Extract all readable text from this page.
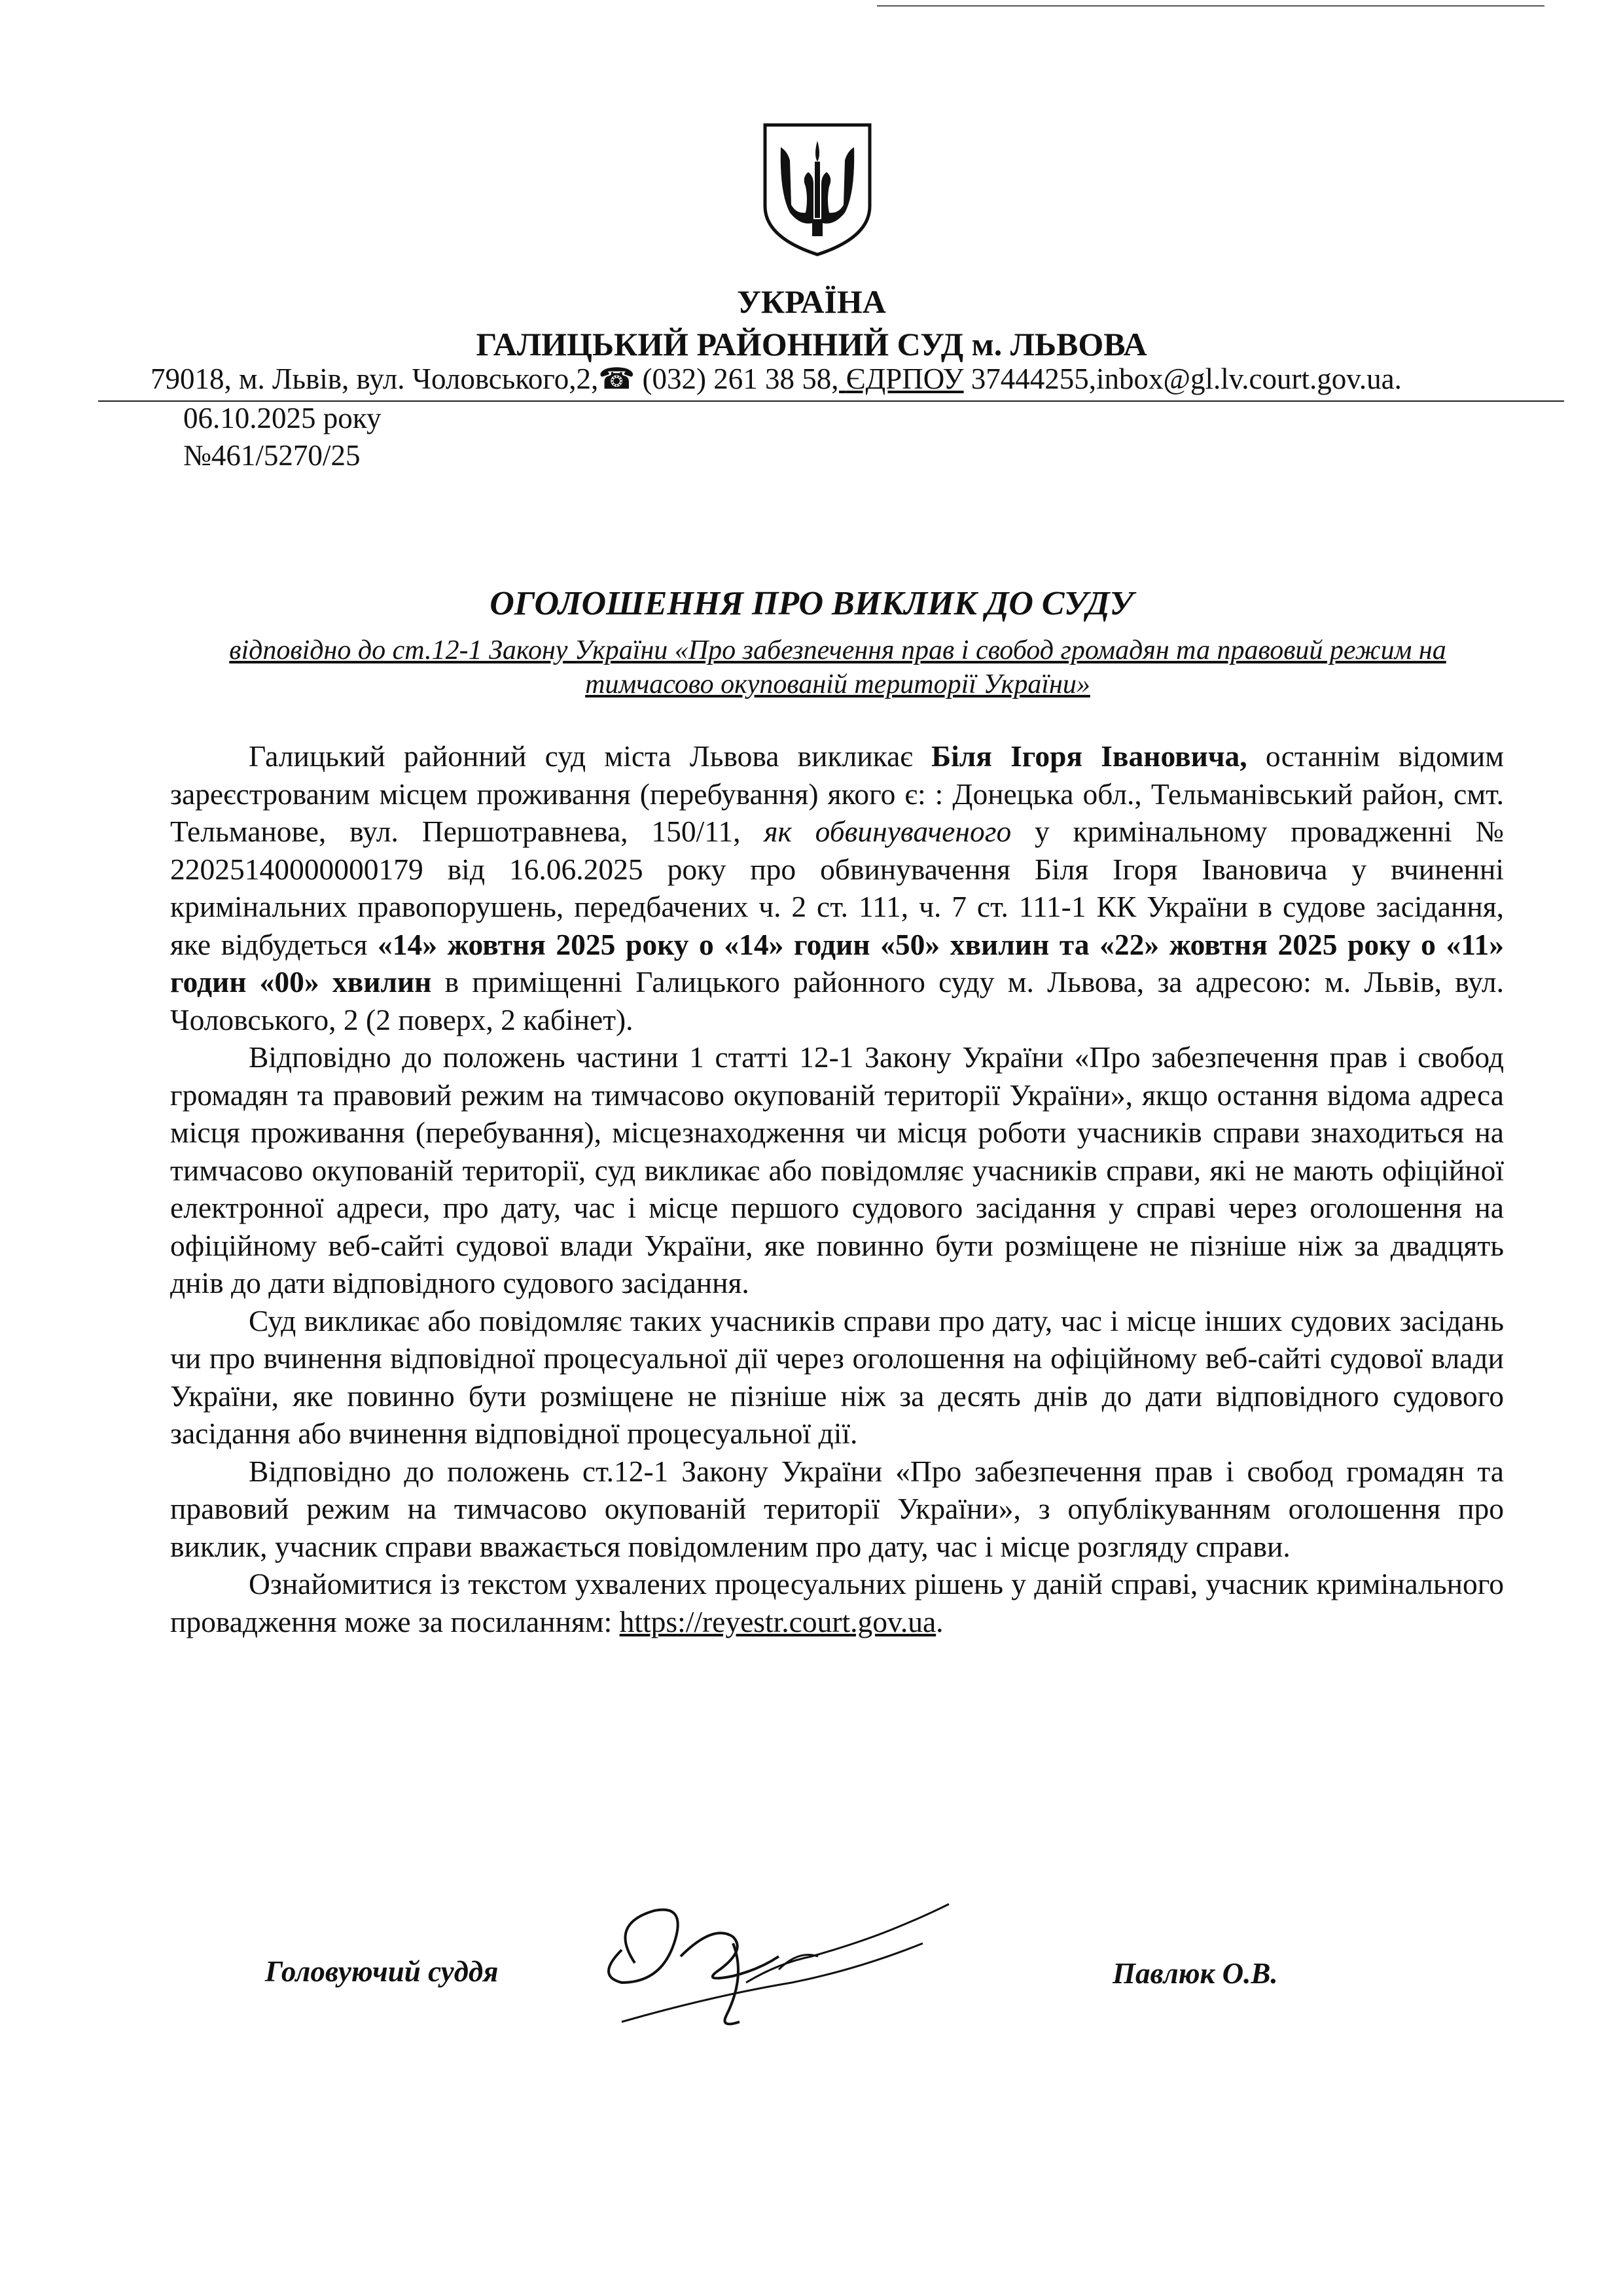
УКРАЇНА
ГАЛИЦЬКИЙ РАЙОННИЙ СУД м. ЛЬВОВА
79018, м. Львів, вул. Чоловського,2,☎ (032) 261 38 58, ЄДРПОУ 37444255,inbox@gl.lv.court.gov.ua.
06.10.2025 року
№461/5270/25
ОГОЛОШЕННЯ ПРО ВИКЛИК ДО СУДУ
відповідно до ст.12-1 Закону України «Про забезпечення прав і свобод громадян та правовий режим на тимчасово окупованій території України»

Галицький районний суд міста Львова викликає Біля Ігоря Івановича, останнім відомим зареєстрованим місцем проживання (перебування) якого є: : Донецька обл., Тельманівський район, смт. Тельманове, вул. Першотравнева, 150/11, як обвинуваченого у кримінальному провадженні № 22025140000000179 від 16.06.2025 року про обвинувачення Біля Ігоря Івановича у вчиненні кримінальних правопорушень, передбачених ч. 2 ст. 111, ч. 7 ст. 111-1 КК України в судове засідання, яке відбудеться «14» жовтня 2025 року о «14» годин «50» хвилин та «22» жовтня 2025 року о «11» годин «00» хвилин в приміщенні Галицького районного суду м. Львова, за адресою: м. Львів, вул. Чоловського, 2 (2 поверх, 2 кабінет).

Відповідно до положень частини 1 статті 12-1 Закону України «Про забезпечення прав і свобод громадян та правовий режим на тимчасово окупованій території України», якщо остання відома адреса місця проживання (перебування), місцезнаходження чи місця роботи учасників справи знаходиться на тимчасово окупованій території, суд викликає або повідомляє учасників справи, які не мають офіційної електронної адреси, про дату, час і місце першого судового засідання у справі через оголошення на офіційному веб-сайті судової влади України, яке повинно бути розміщене не пізніше ніж за двадцять днів до дати відповідного судового засідання.

Суд викликає або повідомляє таких учасників справи про дату, час і місце інших судових засідань чи про вчинення відповідної процесуальної дії через оголошення на офіційному веб-сайті судової влади України, яке повинно бути розміщене не пізніше ніж за десять днів до дати відповідного судового засідання або вчинення відповідної процесуальної дії.

Відповідно до положень ст.12-1 Закону України «Про забезпечення прав і свобод громадян та правовий режим на тимчасово окупованій території України», з опублікуванням оголошення про виклик, учасник справи вважається повідомленим про дату, час і місце розгляду справи.

Ознайомитися із текстом ухвалених процесуальних рішень у даній справі, учасник кримінального провадження може за посиланням: https://reyestr.court.gov.ua.

Головуючий суддя	Павлюк О.В.
